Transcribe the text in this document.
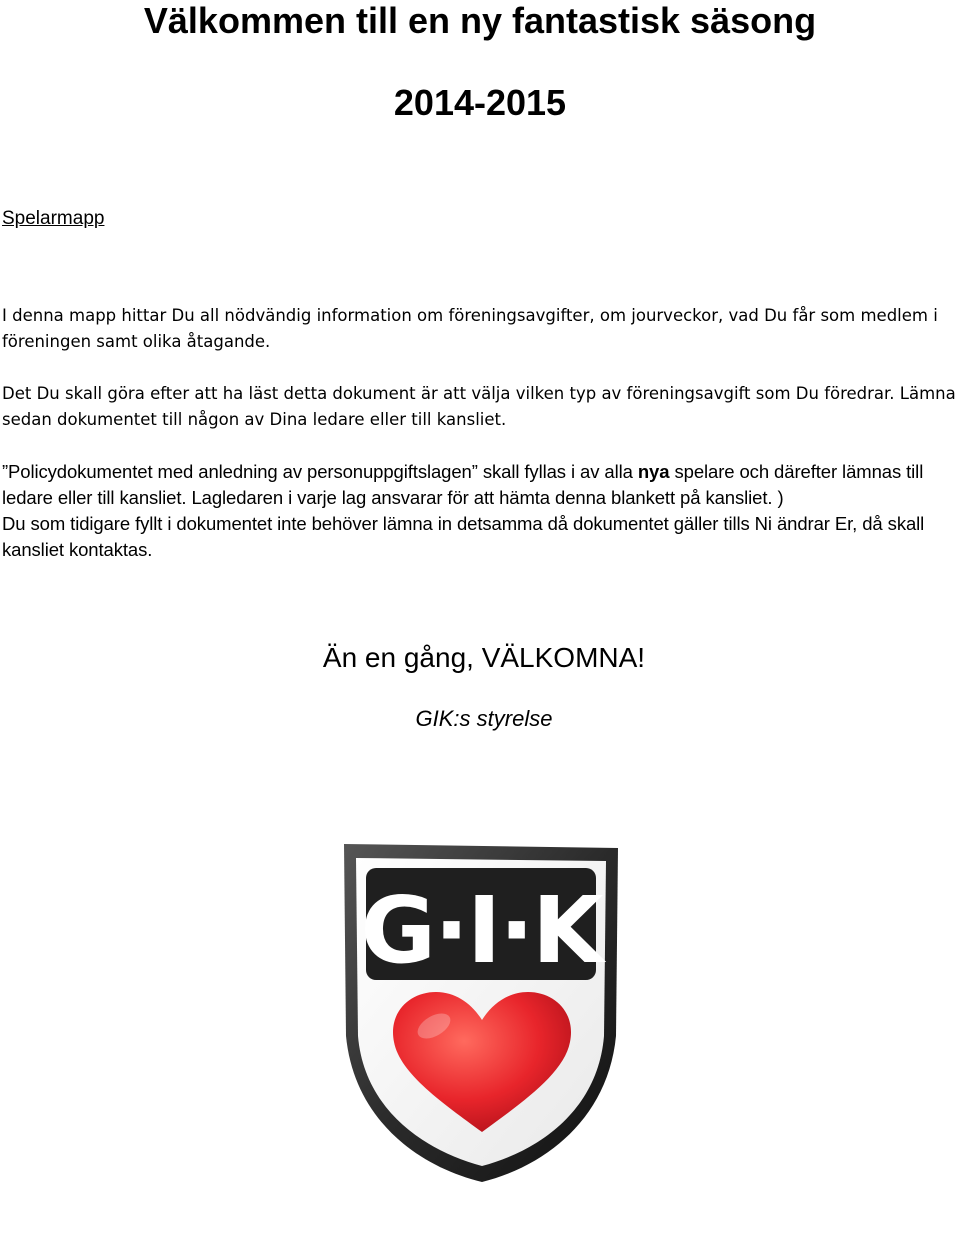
Välkommen till en ny fantastisk säsong
2014-2015
Spelarmapp

I denna mapp hittar Du all nödvändig information om föreningsavgifter, om jourveckor, vad Du får som medlem i föreningen samt olika åtagande.

Det Du skall göra efter att ha läst detta dokument är att välja vilken typ av föreningsavgift som Du föredrar. Lämna sedan dokumentet till någon av Dina ledare eller till kansliet.

”Policydokumentet med anledning av personuppgiftslagen” skall fyllas i av alla nya spelare och därefter lämnas till ledare eller till kansliet. Lagledaren i varje lag ansvarar för att hämta denna blankett på kansliet. )
Du som tidigare fyllt i dokumentet inte behöver lämna in detsamma då dokumentet gäller tills Ni ändrar Er, då skall kansliet kontaktas.

Än en gång, VÄLKOMNA!
GIK:s styrelse
G·I·K
